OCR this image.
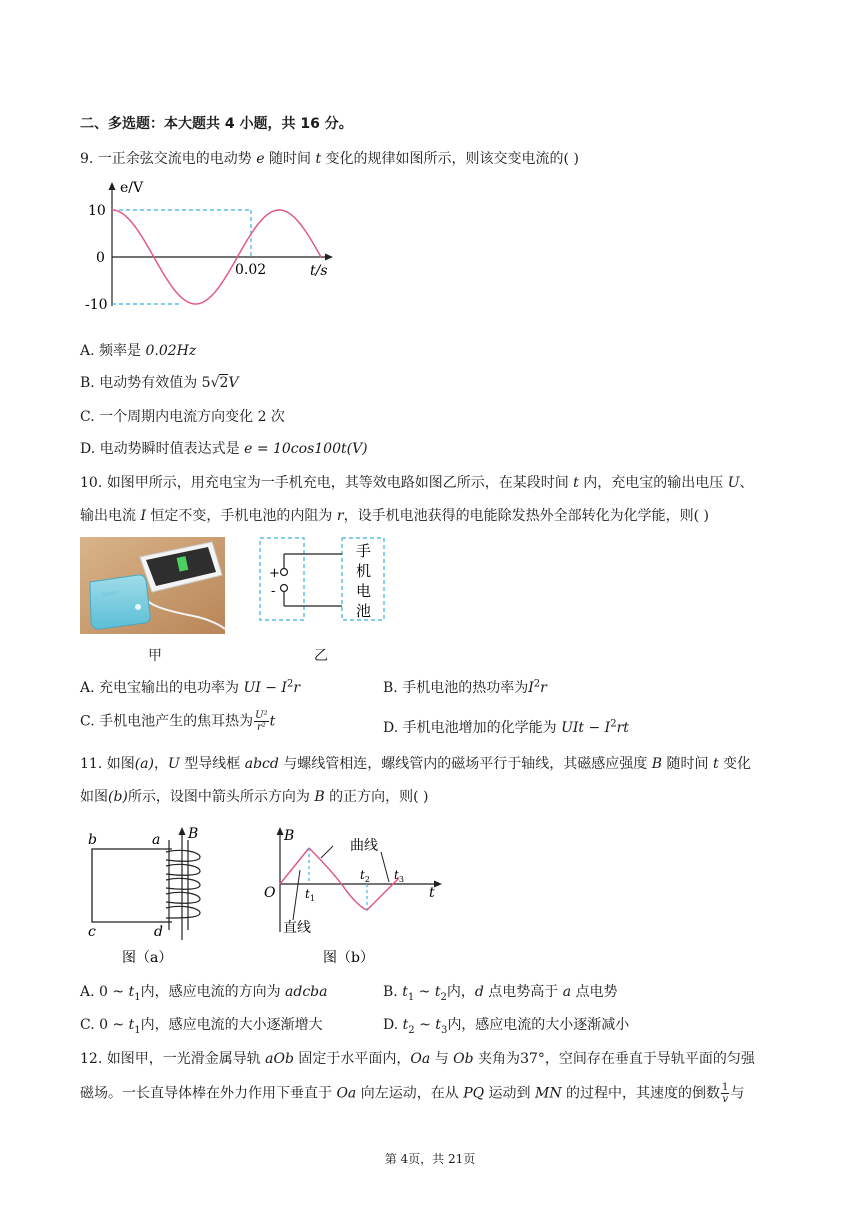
二、多选题：本大题共 4 小题，共 16 分。
9. 一正余弦交流电的电动势 e 随时间 t 变化的规律如图所示，则该交变电流的( )
e/V
10
0
-10
0.02	t/s
A. 频率是 0.02Hz
B. 电动势有效值为 5√2V
C. 一个周期内电流方向变化 2 次
D. 电动势瞬时值表达式是 e = 10cos100t(V)
10. 如图甲所示，用充电宝为一手机充电，其等效电路如图乙所示，在某段时间 t 内，充电宝的输出电压 U、
输出电流 I 恒定不变，手机电池的内阻为 r，设手机电池获得的电能除发热外全部转化为化学能，则( )
甲
+
-
手
机
电
池
乙
A. 充电宝输出的电功率为 UI − $I^2r$	B. 手机电池的热功率为$I^2r$
C. 手机电池产生的焦耳热为 $\frac{\text{U²}}{\text{r²}}$ t	D. 手机电池增加的化学能为 UIt − $I^2rt$
11. 如图(a)，U 型导线框 abcd 与螺线管相连，螺线管内的磁场平行于轴线，其磁感应强度 B 随时间 t 变化
如图(b)所示，设图中箭头所示方向为 B 的正方向，则( )
b	a
c	d
B
图（a）
B
O	t
$t_1$
$t_2$ $t_3$
曲线
直线
图（b）
A. 0 ~ $t_1$内，感应电流的方向为 adcba	B. $t_1$ ~ $t_2$内，d 点电势高于 a 点电势
C. 0 ~ $t_1$内，感应电流的大小逐渐增大	D. $t_2$ ~ $t_3$内，感应电流的大小逐渐减小
12. 如图甲，一光滑金属导轨 aOb 固定于水平面内，Oa 与 Ob 夹角为37°，空间存在垂直于导轨平面的匀强
磁场。一长直导体棒在外力作用下垂直于 Oa 向左运动，在从 PQ 运动到 MN 的过程中，其速度的倒数 $\frac{1}{v}$ 与
第 4页，共 21页
